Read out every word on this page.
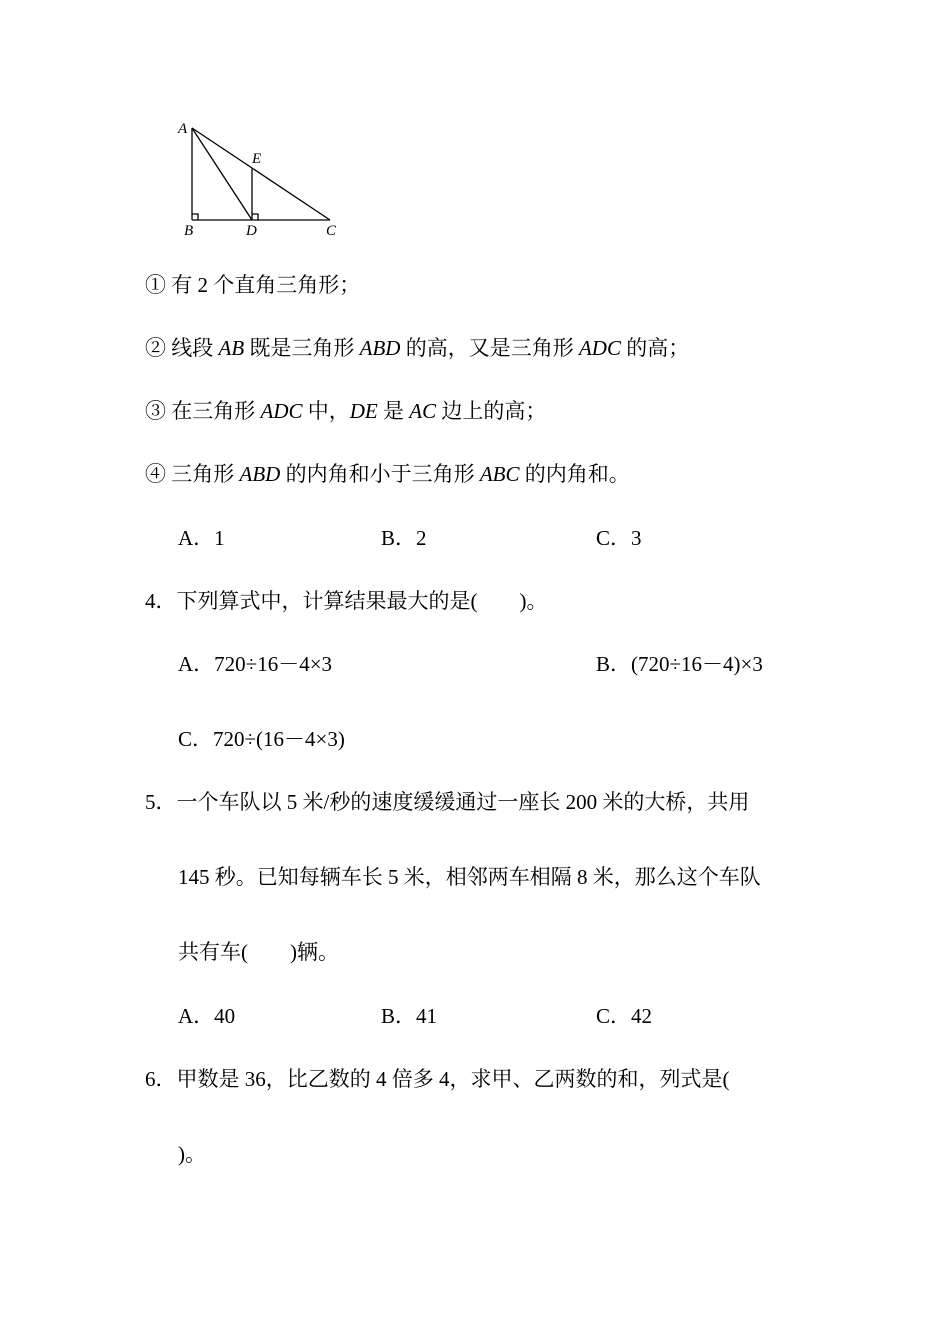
A
E
B	D	C
① 有 2 个直角三角形；
② 线段 AB 既是三角形 ABD 的高，又是三角形 ADC 的高；
③ 在三角形 ADC 中，DE 是 AC 边上的高；
④ 三角形 ABD 的内角和小于三角形 ABC 的内角和。
A．1	B．2	C．3
4．下列算式中，计算结果最大的是(　　)。
A．720÷16－4×3	B．(720÷16－4)×3
C．720÷(16－4×3)
5．一个车队以 5 米/秒的速度缓缓通过一座长 200 米的大桥，共用
145 秒。已知每辆车长 5 米，相邻两车相隔 8 米，那么这个车队
共有车(　　)辆。
A．40	B．41	C．42
6．甲数是 36，比乙数的 4 倍多 4，求甲、乙两数的和，列式是(
)。
